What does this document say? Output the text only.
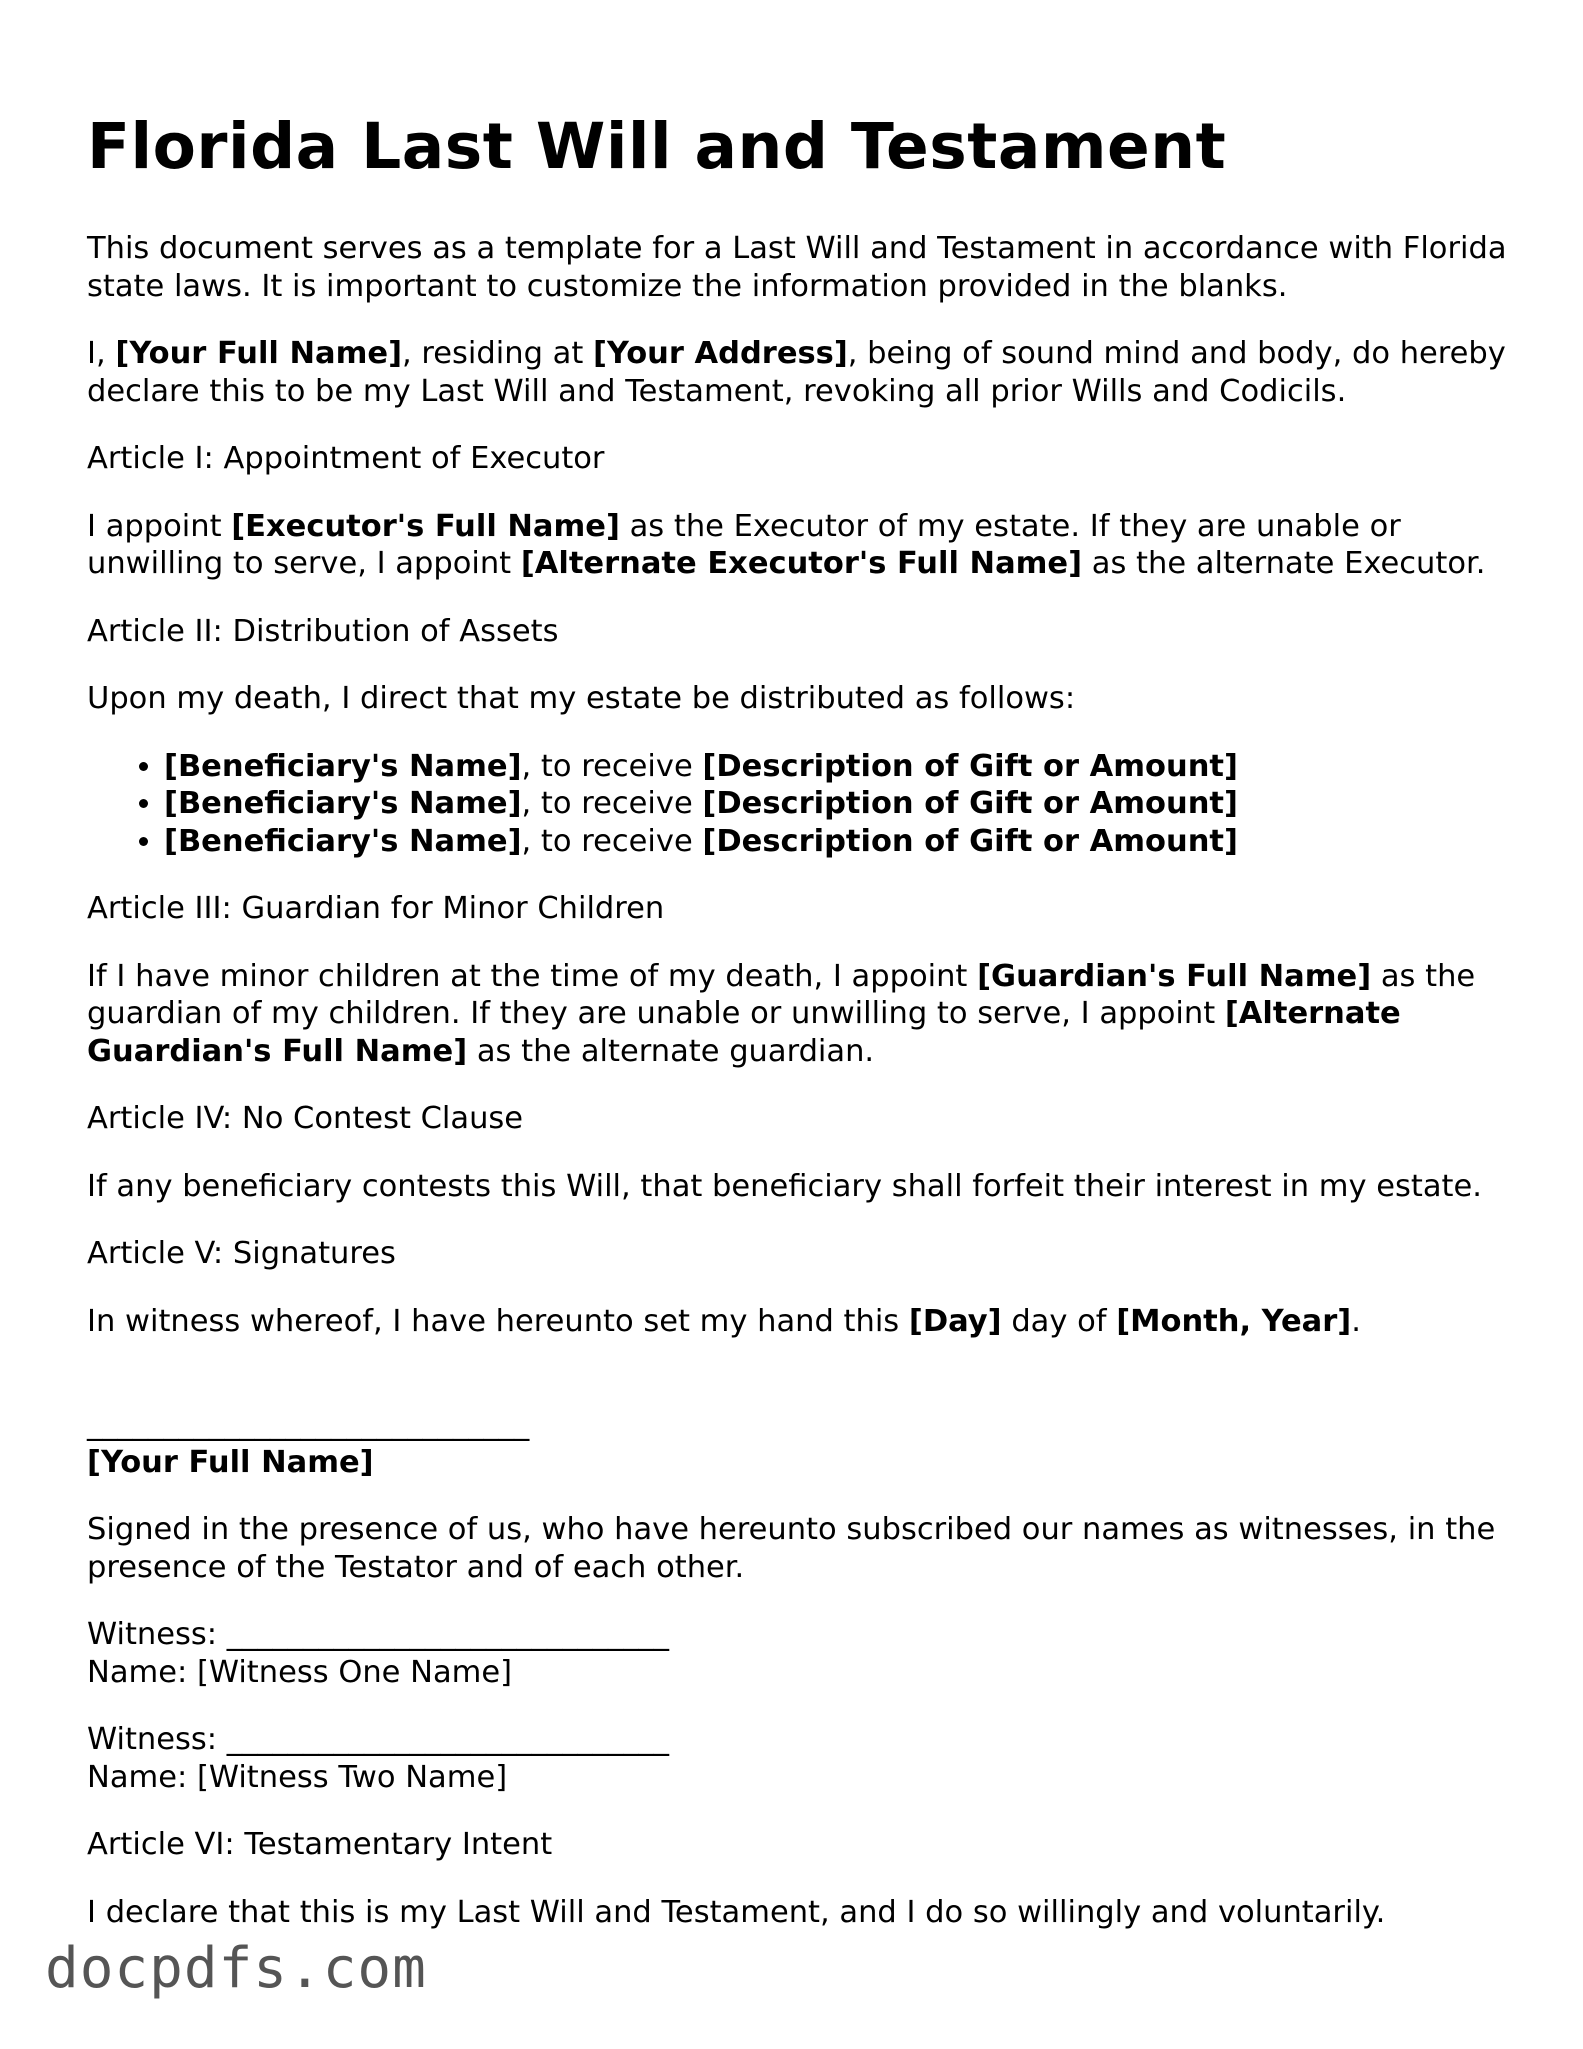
Florida Last Will and Testament

This document serves as a template for a Last Will and Testament in accordance with Florida state laws. It is important to customize the information provided in the blanks.

I, [Your Full Name], residing at [Your Address], being of sound mind and body, do hereby declare this to be my Last Will and Testament, revoking all prior Wills and Codicils.

Article I: Appointment of Executor

I appoint [Executor's Full Name] as the Executor of my estate. If they are unable or unwilling to serve, I appoint [Alternate Executor's Full Name] as the alternate Executor.

Article II: Distribution of Assets

Upon my death, I direct that my estate be distributed as follows:

• [Beneficiary's Name], to receive [Description of Gift or Amount]
• [Beneficiary's Name], to receive [Description of Gift or Amount]
• [Beneficiary's Name], to receive [Description of Gift or Amount]

Article III: Guardian for Minor Children

If I have minor children at the time of my death, I appoint [Guardian's Full Name] as the guardian of my children. If they are unable or unwilling to serve, I appoint [Alternate Guardian's Full Name] as the alternate guardian.

Article IV: No Contest Clause

If any beneficiary contests this Will, that beneficiary shall forfeit their interest in my estate.

Article V: Signatures

In witness whereof, I have hereunto set my hand this [Day] day of [Month, Year].

_____________________________
[Your Full Name]

Signed in the presence of us, who have hereunto subscribed our names as witnesses, in the presence of the Testator and of each other.

Witness: _____________________________
Name: [Witness One Name]

Witness: _____________________________
Name: [Witness Two Name]

Article VI: Testamentary Intent

I declare that this is my Last Will and Testament, and I do so willingly and voluntarily.

docpdfs.com
